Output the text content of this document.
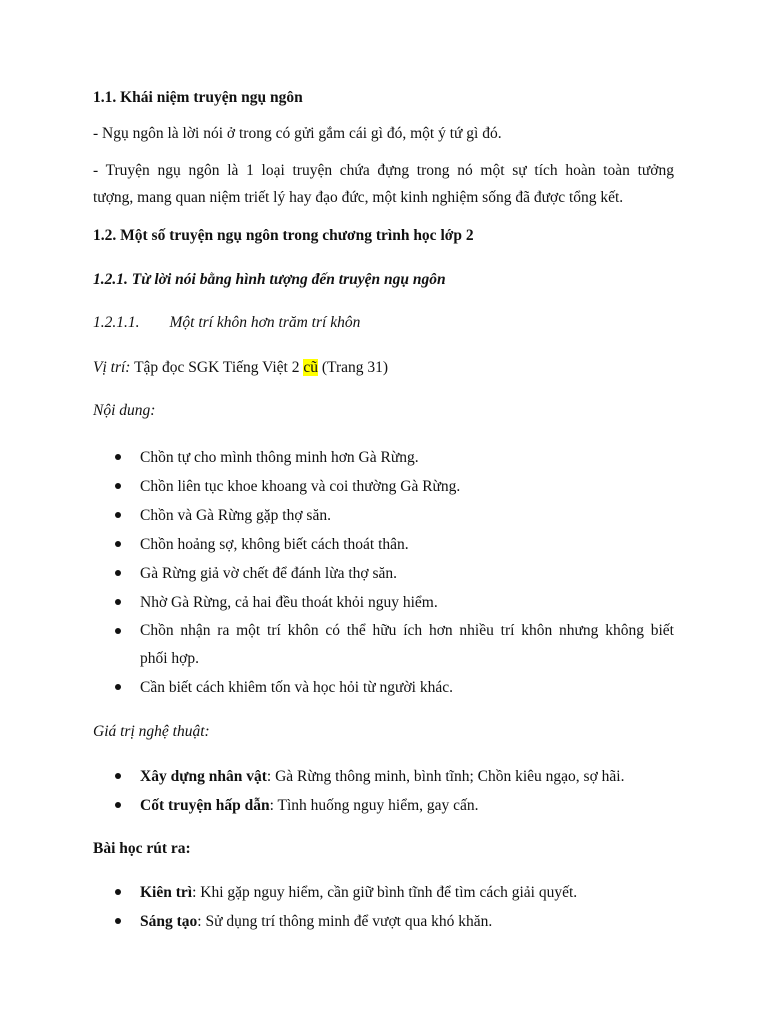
1.1. Khái niệm truyện ngụ ngôn

- Ngụ ngôn là lời nói ở trong có gửi gắm cái gì đó, một ý tứ gì đó.

- Truyện ngụ ngôn là 1 loại truyện chứa đựng trong nó một sự tích hoàn toàn tưởng

tượng, mang quan niệm triết lý hay đạo đức, một kinh nghiệm sống đã được tổng kết.

1.2. Một số truyện ngụ ngôn trong chương trình học lớp 2

1.2.1. Từ lời nói bằng hình tượng đến truyện ngụ ngôn

1.2.1.1. Một trí khôn hơn trăm trí khôn

Vị trí: Tập đọc SGK Tiếng Việt 2 cũ (Trang 31)

Nội dung:

Chồn tự cho mình thông minh hơn Gà Rừng.
Chồn liên tục khoe khoang và coi thường Gà Rừng.
Chồn và Gà Rừng gặp thợ săn.
Chồn hoảng sợ, không biết cách thoát thân.
Gà Rừng giả vờ chết để đánh lừa thợ săn.
Nhờ Gà Rừng, cả hai đều thoát khỏi nguy hiểm.
Chồn nhận ra một trí khôn có thể hữu ích hơn nhiều trí khôn nhưng không biết
phối hợp.
Cần biết cách khiêm tốn và học hỏi từ người khác.

Giá trị nghệ thuật:

Xây dựng nhân vật: Gà Rừng thông minh, bình tĩnh; Chồn kiêu ngạo, sợ hãi.
Cốt truyện hấp dẫn: Tình huống nguy hiểm, gay cấn.

Bài học rút ra:

Kiên trì: Khi gặp nguy hiểm, cần giữ bình tĩnh để tìm cách giải quyết.
Sáng tạo: Sử dụng trí thông minh để vượt qua khó khăn.
